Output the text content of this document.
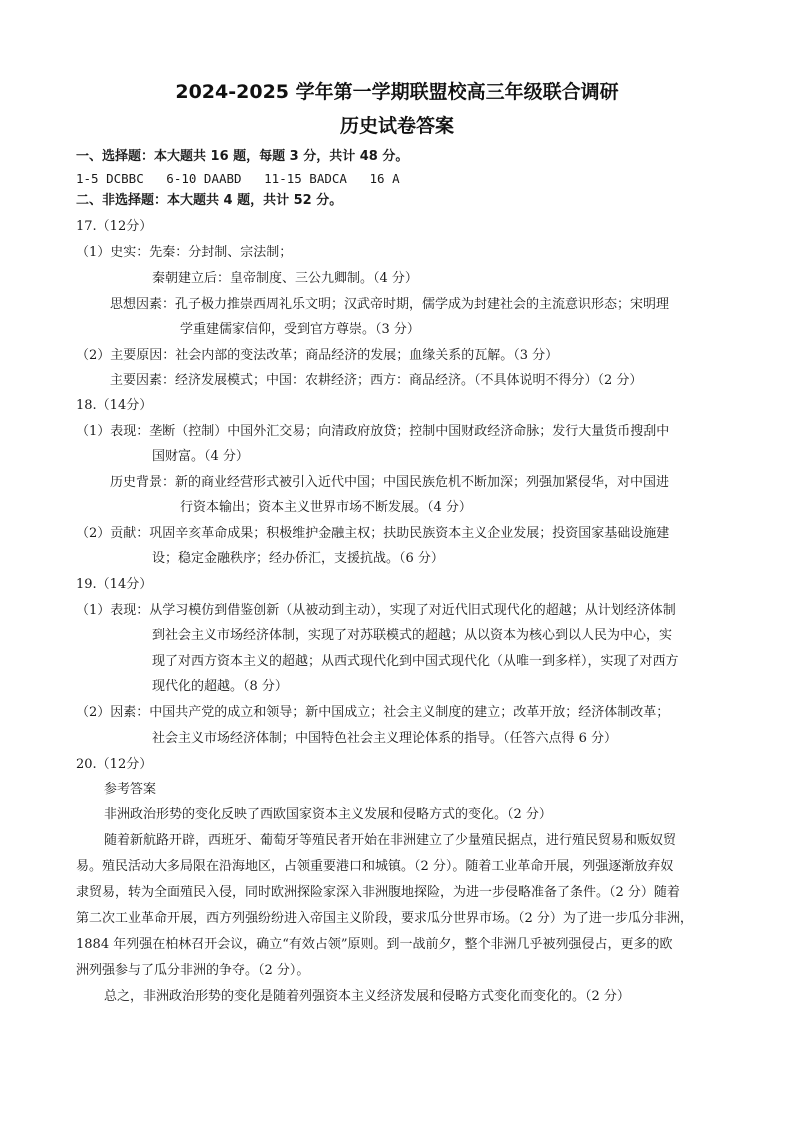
2024-2025 学年第一学期联盟校高三年级联合调研
历史试卷答案
一、选择题：本大题共 16 题，每题 3 分，共计 48 分。
1-5 DCBBC   6-10 DAABD   11-15 BADCA   16 A
二、非选择题：本大题共 4 题，共计 52 分。
17.（12分）
（1）史实：先秦：分封制、宗法制；
秦朝建立后：皇帝制度、三公九卿制。（4 分）
思想因素：孔子极力推崇西周礼乐文明；汉武帝时期，儒学成为封建社会的主流意识形态；宋明理
学重建儒家信仰，受到官方尊崇。（3 分）
（2）主要原因：社会内部的变法改革；商品经济的发展；血缘关系的瓦解。（3 分）
主要因素：经济发展模式；中国：农耕经济；西方：商品经济。（不具体说明不得分）（2 分）
18.（14分）
（1）表现：垄断（控制）中国外汇交易；向清政府放贷；控制中国财政经济命脉；发行大量货币搜刮中
国财富。（4 分）
历史背景：新的商业经营形式被引入近代中国；中国民族危机不断加深；列强加紧侵华，对中国进
行资本输出；资本主义世界市场不断发展。（4 分）
（2）贡献：巩固辛亥革命成果；积极维护金融主权；扶助民族资本主义企业发展；投资国家基础设施建
设；稳定金融秩序；经办侨汇，支援抗战。（6 分）
19.（14分）
（1）表现：从学习模仿到借鉴创新（从被动到主动），实现了对近代旧式现代化的超越；从计划经济体制
到社会主义市场经济体制，实现了对苏联模式的超越；从以资本为核心到以人民为中心，实
现了对西方资本主义的超越；从西式现代化到中国式现代化（从唯一到多样），实现了对西方
现代化的超越。（8 分）
（2）因素：中国共产党的成立和领导；新中国成立；社会主义制度的建立；改革开放；经济体制改革；
社会主义市场经济体制；中国特色社会主义理论体系的指导。（任答六点得 6 分）
20.（12分）
参考答案
非洲政治形势的变化反映了西欧国家资本主义发展和侵略方式的变化。（2 分）
随着新航路开辟，西班牙、葡萄牙等殖民者开始在非洲建立了少量殖民据点，进行殖民贸易和贩奴贸
易。殖民活动大多局限在沿海地区，占领重要港口和城镇。（2 分）。随着工业革命开展，列强逐渐放弃奴
隶贸易，转为全面殖民入侵，同时欧洲探险家深入非洲腹地探险，为进一步侵略准备了条件。（2 分）随着
第二次工业革命开展，西方列强纷纷进入帝国主义阶段，要求瓜分世界市场。（2 分）为了进一步瓜分非洲，
1884 年列强在柏林召开会议，确立“有效占领”原则。到一战前夕，整个非洲几乎被列强侵占，更多的欧
洲列强参与了瓜分非洲的争夺。（2 分）。
总之，非洲政治形势的变化是随着列强资本主义经济发展和侵略方式变化而变化的。（2 分）
